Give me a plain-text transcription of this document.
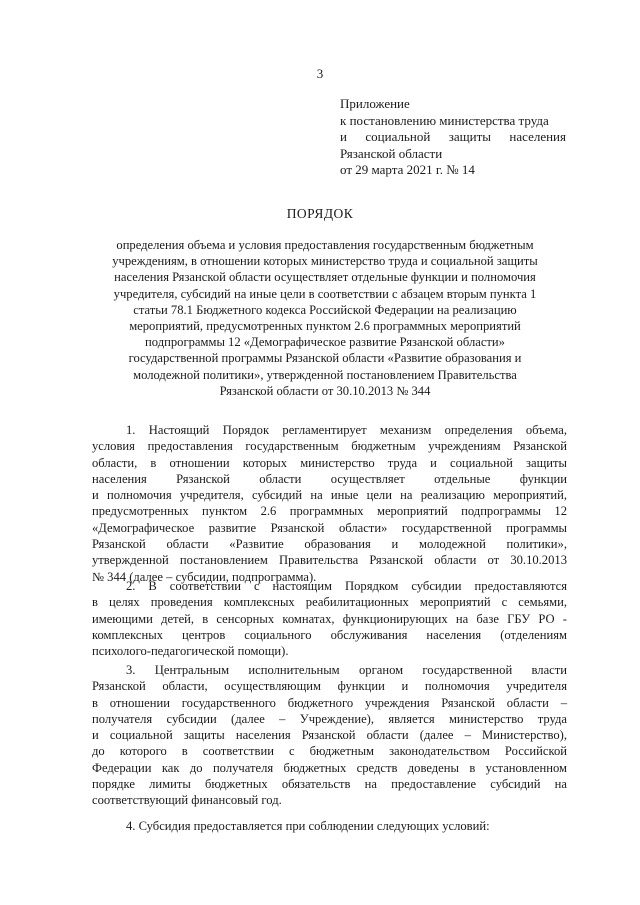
3
Приложение
к постановлению министерства труда
и социальной защиты населения
Рязанской области
от 29 марта 2021 г. № 14
ПОРЯДОК
определения объема и условия предоставления государственным бюджетным
учреждениям, в отношении которых министерство труда и социальной защиты
населения Рязанской области осуществляет отдельные функции и полномочия
учредителя, субсидий на иные цели в соответствии с абзацем вторым пункта 1
статьи 78.1 Бюджетного кодекса Российской Федерации на реализацию
мероприятий, предусмотренных пунктом 2.6 программных мероприятий
подпрограммы 12 «Демографическое развитие Рязанской области»
государственной программы Рязанской области «Развитие образования и
молодежной политики», утвержденной постановлением Правительства
Рязанской области от 30.10.2013 № 344
1. Настоящий Порядок регламентирует механизм определения объема,
условия предоставления государственным бюджетным учреждениям Рязанской
области, в отношении которых министерство труда и социальной защиты
населения Рязанской области осуществляет отдельные функции
и полномочия учредителя, субсидий на иные цели на реализацию мероприятий,
предусмотренных пунктом 2.6 программных мероприятий подпрограммы 12
«Демографическое развитие Рязанской области» государственной программы
Рязанской области «Развитие образования и молодежной политики»,
утвержденной постановлением Правительства Рязанской области от 30.10.2013
№ 344 (далее – субсидии, подпрограмма).
2. В соответствии с настоящим Порядком субсидии предоставляются
в целях проведения комплексных реабилитационных мероприятий с семьями,
имеющими детей, в сенсорных комнатах, функционирующих на базе ГБУ РО -
комплексных центров социального обслуживания населения (отделениям
психолого-педагогической помощи).
3. Центральным исполнительным органом государственной власти
Рязанской области, осуществляющим функции и полномочия учредителя
в отношении государственного бюджетного учреждения Рязанской области –
получателя субсидии (далее – Учреждение), является министерство труда
и социальной защиты населения Рязанской области (далее – Министерство),
до которого в соответствии с бюджетным законодательством Российской
Федерации как до получателя бюджетных средств доведены в установленном
порядке лимиты бюджетных обязательств на предоставление субсидий на
соответствующий финансовый год.
4. Субсидия предоставляется при соблюдении следующих условий:
